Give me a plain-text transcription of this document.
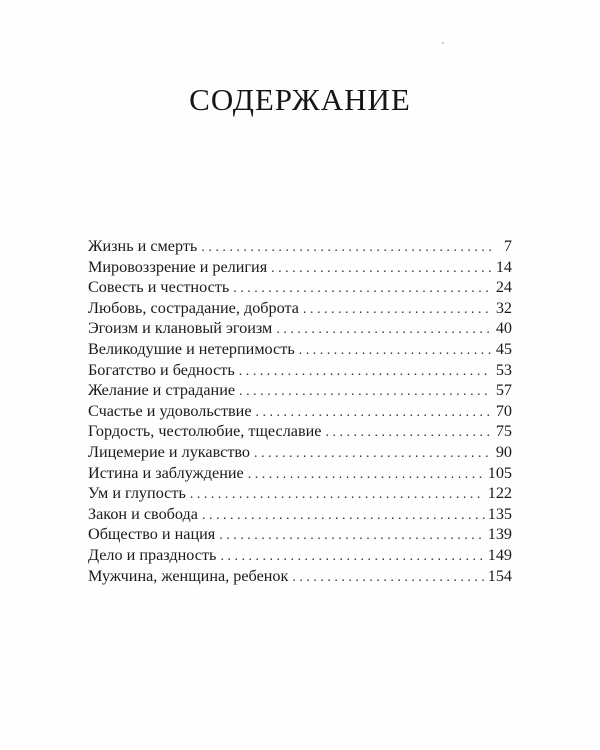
СОДЕРЖАНИЕ
Жизнь и смерть . . .	7
Мировоззрение и религия . . .	14
Совесть и честность . . .	24
Любовь, сострадание, доброта . . .	32
Эгоизм и клановый эгоизм . . .	40
Великодушие и нетерпимость . . .	45
Богатство и бедность . . .	53
Желание и страдание . . .	57
Счастье и удовольствие . . .	70
Гордость, честолюбие, тщеславие . . .	75
Лицемерие и лукавство . . .	90
Истина и заблуждение . . .	105
Ум и глупость . . .	122
Закон и свобода . . .	135
Общество и нация . . .	139
Дело и праздность . . .	149
Мужчина, женщина, ребенок . . .	154
